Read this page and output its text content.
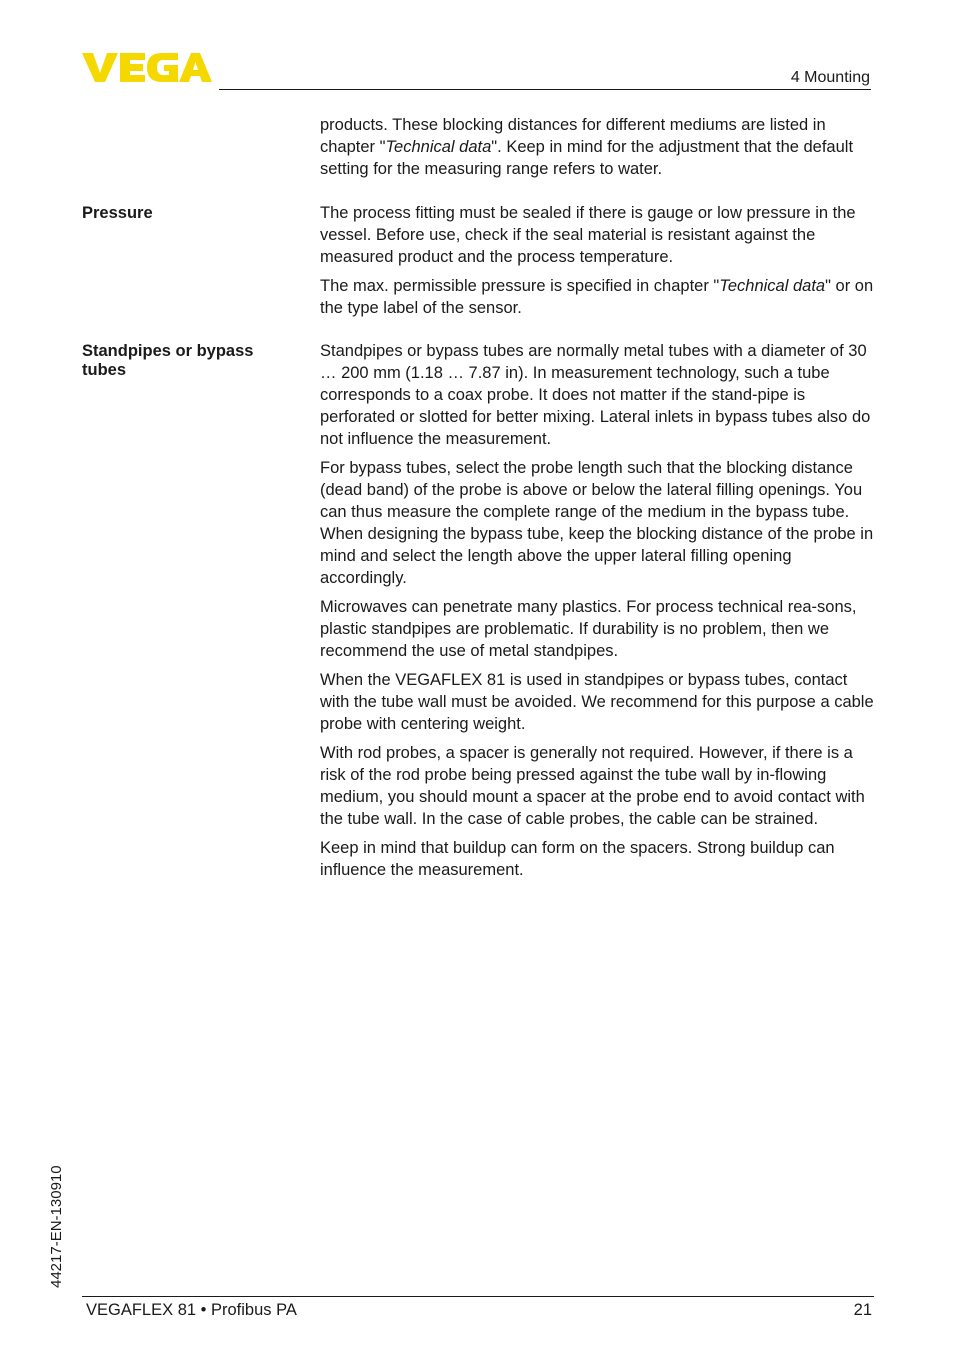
4 Mounting

products. These blocking distances for different mediums are listed in chapter "Technical data". Keep in mind for the adjustment that the default setting for the measuring range refers to water.

Pressure	The process fitting must be sealed if there is gauge or low pressure in the vessel. Before use, check if the seal material is resistant against the measured product and the process temperature.

The max. permissible pressure is specified in chapter "Technical data" or on the type label of the sensor.

Standpipes or bypass tubes

Standpipes or bypass tubes are normally metal tubes with a diameter of 30 … 200 mm (1.18 … 7.87 in). In measurement technology, such a tube corresponds to a coax probe. It does not matter if the stand-pipe is perforated or slotted for better mixing. Lateral inlets in bypass tubes also do not influence the measurement.

For bypass tubes, select the probe length such that the blocking distance (dead band) of the probe is above or below the lateral filling openings. You can thus measure the complete range of the medium in the bypass tube. When designing the bypass tube, keep the blocking distance of the probe in mind and select the length above the upper lateral filling opening accordingly.

Microwaves can penetrate many plastics. For process technical rea-sons, plastic standpipes are problematic. If durability is no problem, then we recommend the use of metal standpipes.

When the VEGAFLEX 81 is used in standpipes or bypass tubes, contact with the tube wall must be avoided. We recommend for this purpose a cable probe with centering weight.

With rod probes, a spacer is generally not required. However, if there is a risk of the rod probe being pressed against the tube wall by in-flowing medium, you should mount a spacer at the probe end to avoid contact with the tube wall. In the case of cable probes, the cable can be strained.

Keep in mind that buildup can form on the spacers. Strong buildup can influence the measurement.

44217-EN-130910
VEGAFLEX 81 • Profibus PA	21
